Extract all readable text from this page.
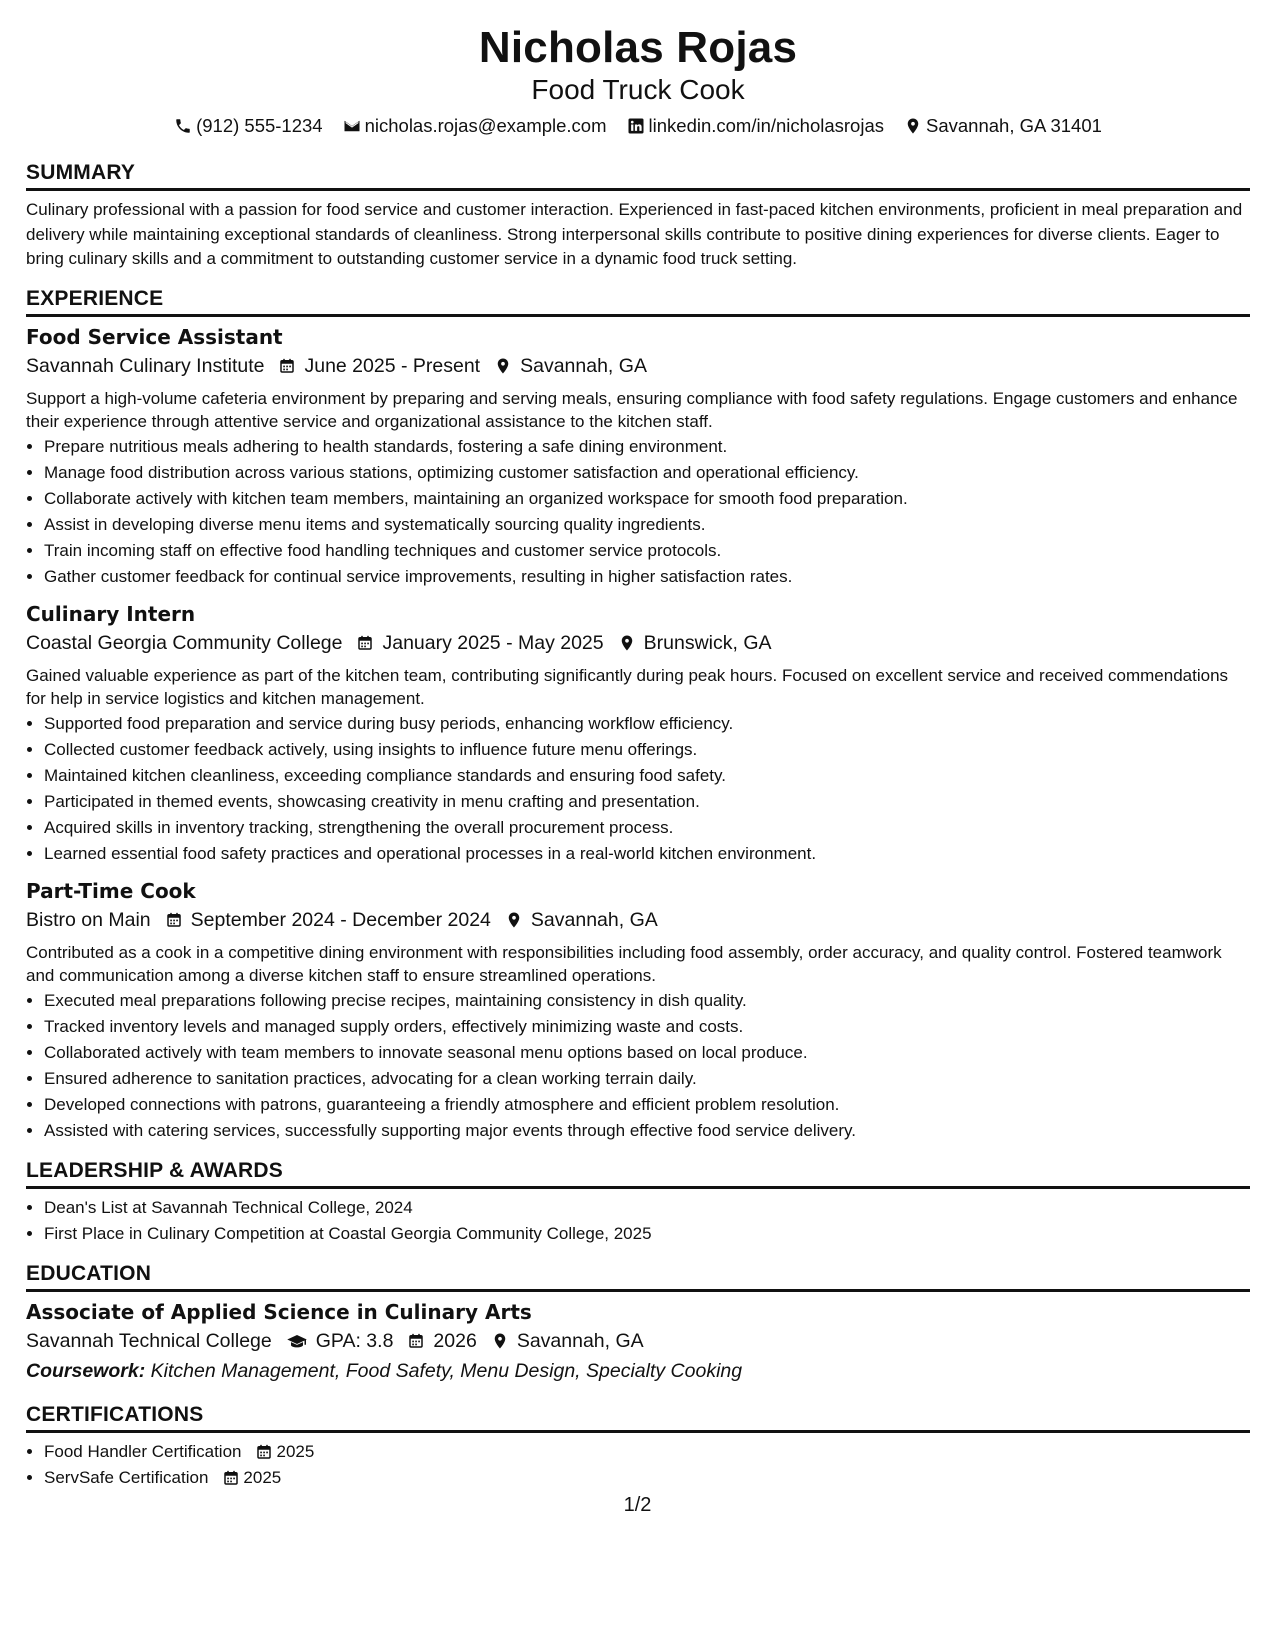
Nicholas Rojas
Food Truck Cook
(912) 555-1234 nicholas.rojas@example.com linkedin.com/in/nicholasrojas Savannah, GA 31401
SUMMARY
Culinary professional with a passion for food service and customer interaction. Experienced in fast-paced kitchen environments, proficient in meal preparation and delivery while maintaining exceptional standards of cleanliness. Strong interpersonal skills contribute to positive dining experiences for diverse clients. Eager to bring culinary skills and a commitment to outstanding customer service in a dynamic food truck setting.
EXPERIENCE
Food Service Assistant
Savannah Culinary Institute June 2025 - Present Savannah, GA
Support a high-volume cafeteria environment by preparing and serving meals, ensuring compliance with food safety regulations. Engage customers and enhance their experience through attentive service and organizational assistance to the kitchen staff.
• Prepare nutritious meals adhering to health standards, fostering a safe dining environment.
• Manage food distribution across various stations, optimizing customer satisfaction and operational efficiency.
• Collaborate actively with kitchen team members, maintaining an organized workspace for smooth food preparation.
• Assist in developing diverse menu items and systematically sourcing quality ingredients.
• Train incoming staff on effective food handling techniques and customer service protocols.
• Gather customer feedback for continual service improvements, resulting in higher satisfaction rates.
Culinary Intern
Coastal Georgia Community College January 2025 - May 2025 Brunswick, GA
Gained valuable experience as part of the kitchen team, contributing significantly during peak hours. Focused on excellent service and received commendations for help in service logistics and kitchen management.
• Supported food preparation and service during busy periods, enhancing workflow efficiency.
• Collected customer feedback actively, using insights to influence future menu offerings.
• Maintained kitchen cleanliness, exceeding compliance standards and ensuring food safety.
• Participated in themed events, showcasing creativity in menu crafting and presentation.
• Acquired skills in inventory tracking, strengthening the overall procurement process.
• Learned essential food safety practices and operational processes in a real-world kitchen environment.
Part-Time Cook
Bistro on Main September 2024 - December 2024 Savannah, GA
Contributed as a cook in a competitive dining environment with responsibilities including food assembly, order accuracy, and quality control. Fostered teamwork and communication among a diverse kitchen staff to ensure streamlined operations.
• Executed meal preparations following precise recipes, maintaining consistency in dish quality.
• Tracked inventory levels and managed supply orders, effectively minimizing waste and costs.
• Collaborated actively with team members to innovate seasonal menu options based on local produce.
• Ensured adherence to sanitation practices, advocating for a clean working terrain daily.
• Developed connections with patrons, guaranteeing a friendly atmosphere and efficient problem resolution.
• Assisted with catering services, successfully supporting major events through effective food service delivery.
LEADERSHIP & AWARDS
• Dean's List at Savannah Technical College, 2024
• First Place in Culinary Competition at Coastal Georgia Community College, 2025
EDUCATION
Associate of Applied Science in Culinary Arts
Savannah Technical College GPA: 3.8 2026 Savannah, GA
Coursework: Kitchen Management, Food Safety, Menu Design, Specialty Cooking
CERTIFICATIONS
• Food Handler Certification 2025
• ServSafe Certification 2025
1/2
